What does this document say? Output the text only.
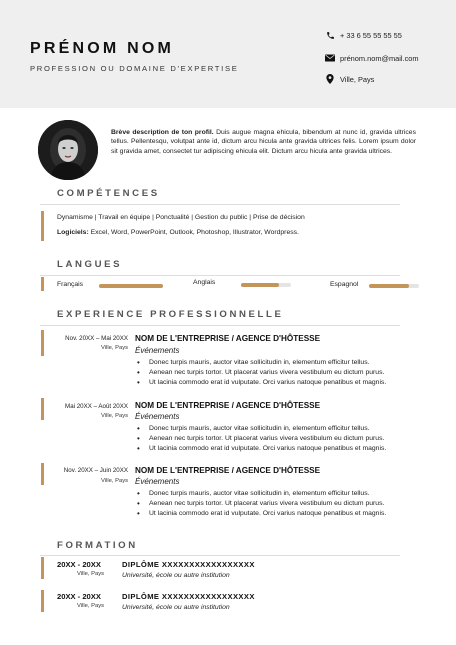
PRÉNOM NOM
PROFESSION OU DOMAINE D'EXPERTISE
+ 33 6 55 55 55 55
prénom.nom@mail.com
Ville, Pays
Brève description de ton profil. Duis augue magna ehicula, bibendum at nunc id, gravida ultrices tellus. Pellentesqu, volutpat ante id, dictum arcu hicula ante gravida ultrices felis. Lorem ipsum dolor sit gravida amet, consectet tur adipiscing ehicula elit. Dictum arcu hicula ante gravida ultrices.
COMPÉTENCES
Dynamisme | Travail en équipe | Ponctualité | Gestion du public | Prise de décision
Logiciels: Excel, Word, PowerPoint, Outlook, Photoshop, Illustrator, Wordpress.
LANGUES
Français	Anglais	Espagnol
EXPERIENCE PROFESSIONNELLE
Nov. 20XX – Mai 20XX
Ville, Pays
NOM DE L'ENTREPRISE / AGENCE D'HÔTESSE
Événements
• Donec turpis mauris, auctor vitae sollicitudin in, elementum efficitur tellus.
• Aenean nec turpis tortor. Ut placerat varius vivera vestibulum eu dictum purus.
• Ut lacinia commodo erat id vulputate. Orci varius natoque penatibus et magnis.
Mai 20XX – Août 20XX
Ville, Pays
NOM DE L'ENTREPRISE / AGENCE D'HÔTESSE
Événements
• Donec turpis mauris, auctor vitae sollicitudin in, elementum efficitur tellus.
• Aenean nec turpis tortor. Ut placerat varius vivera vestibulum eu dictum purus.
• Ut lacinia commodo erat id vulputate. Orci varius natoque penatibus et magnis.
Nov. 20XX – Juin 20XX
Ville, Pays
NOM DE L'ENTREPRISE / AGENCE D'HÔTESSE
Événements
• Donec turpis mauris, auctor vitae sollicitudin in, elementum efficitur tellus.
• Aenean nec turpis tortor. Ut placerat varius vivera vestibulum eu dictum purus.
• Ut lacinia commodo erat id vulputate. Orci varius natoque penatibus et magnis.
FORMATION
20XX - 20XX
Ville, Pays
DIPLÔME XXXXXXXXXXXXXXXXX
Université, école ou autre institution
20XX - 20XX
Ville, Pays
DIPLÔME XXXXXXXXXXXXXXXXX
Université, école ou autre institution
